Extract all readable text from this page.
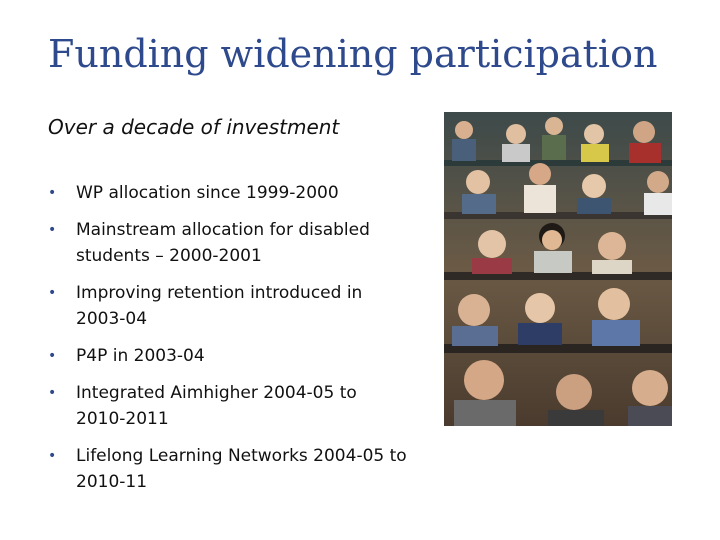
Funding widening participation
Over a decade of investment
• WP allocation since 1999-2000
• Mainstream allocation for disabled students – 2000-2001
• Improving retention introduced in 2003-04
• P4P in 2003-04
• Integrated Aimhigher 2004-05 to 2010-2011
• Lifelong Learning Networks 2004-05 to 2010-11
